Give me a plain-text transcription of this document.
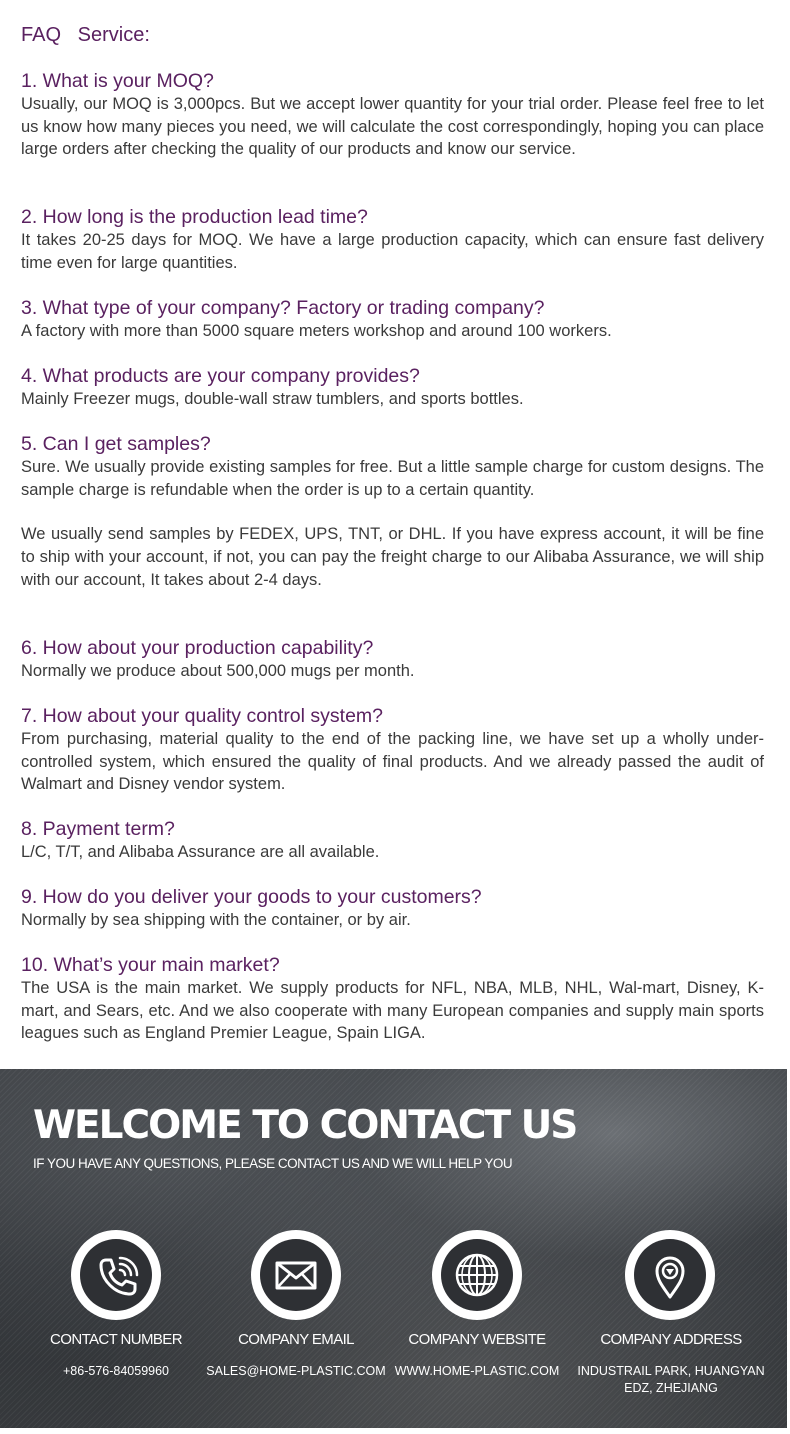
FAQ   Service:
1. What is your MOQ?
Usually, our MOQ is 3,000pcs. But we accept lower quantity for your trial order. Please feel free to let us know how many pieces you need, we will calculate the cost correspondingly, hoping you can place large orders after checking the quality of our products and know our service.
2. How long is the production lead time?
It takes 20-25 days for MOQ. We have a large production capacity, which can ensure fast delivery time even for large quantities.
3. What type of your company? Factory or trading company?
A factory with more than 5000 square meters workshop and around 100 workers.
4. What products are your company provides?
Mainly Freezer mugs, double-wall straw tumblers, and sports bottles.
5. Can I get samples?
Sure. We usually provide existing samples for free. But a little sample charge for custom designs. The sample charge is refundable when the order is up to a certain quantity.
We usually send samples by FEDEX, UPS, TNT, or DHL. If you have express account, it will be fine to ship with your account, if not, you can pay the freight charge to our Alibaba Assurance, we will ship with our account, It takes about 2-4 days.
6. How about your production capability?
Normally we produce about 500,000 mugs per month.
7. How about your quality control system?
From purchasing, material quality to the end of the packing line, we have set up a wholly under-controlled system, which ensured the quality of final products. And we already passed the audit of Walmart and Disney vendor system.
8. Payment term?
L/C, T/T, and Alibaba Assurance are all available.
9. How do you deliver your goods to your customers?
Normally by sea shipping with the container, or by air.
10. What’s your main market?
The USA is the main market. We supply products for NFL, NBA, MLB, NHL, Wal-mart, Disney, K-mart, and Sears, etc. And we also cooperate with many European companies and supply main sports leagues such as England Premier League, Spain LIGA.
WELCOME TO CONTACT US
IF YOU HAVE ANY QUESTIONS, PLEASE CONTACT US AND WE WILL HELP YOU
CONTACT NUMBER
+86-576-84059960
COMPANY EMAIL
SALES@HOME-PLASTIC.COM
COMPANY WEBSITE
WWW.HOME-PLASTIC.COM
COMPANY ADDRESS
INDUSTRAIL PARK, HUANGYAN
EDZ, ZHEJIANG
